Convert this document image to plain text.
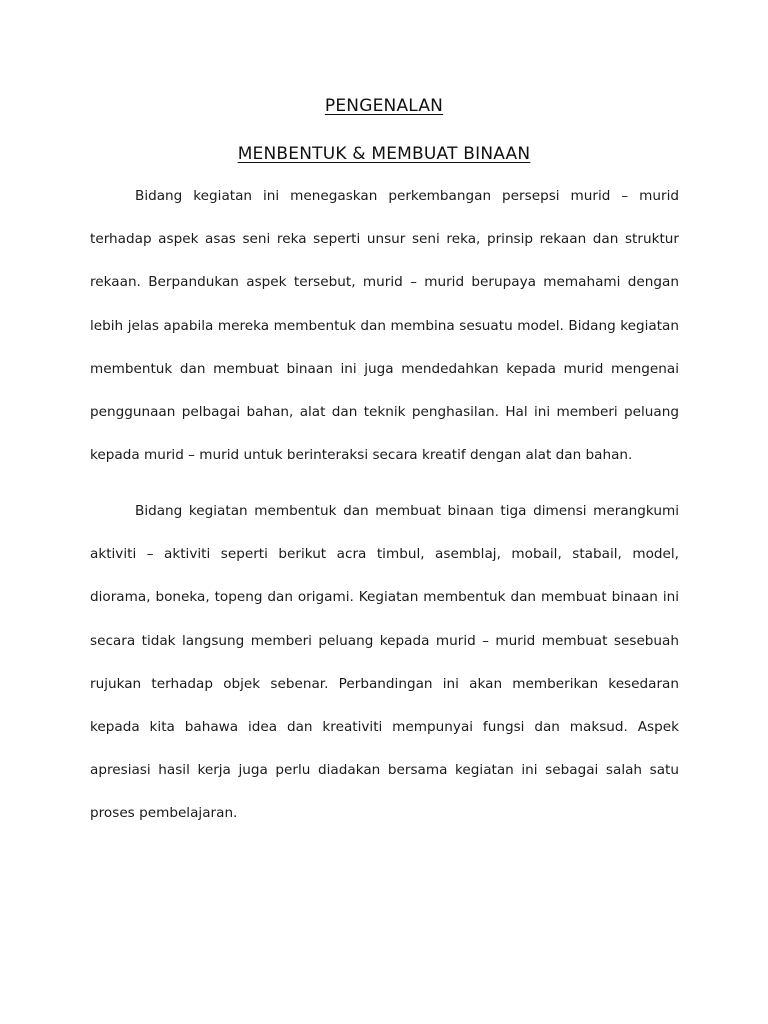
PENGENALAN
MENBENTUK & MEMBUAT BINAAN

Bidang kegiatan ini menegaskan perkembangan persepsi murid – murid terhadap aspek asas seni reka seperti unsur seni reka, prinsip rekaan dan struktur rekaan. Berpandukan aspek tersebut, murid – murid berupaya memahami dengan lebih jelas apabila mereka membentuk dan membina sesuatu model. Bidang kegiatan membentuk dan membuat binaan ini juga mendedahkan kepada murid mengenai penggunaan pelbagai bahan, alat dan teknik penghasilan. Hal ini memberi peluang kepada murid – murid untuk berinteraksi secara kreatif dengan alat dan bahan.

Bidang kegiatan membentuk dan membuat binaan tiga dimensi merangkumi aktiviti – aktiviti seperti berikut acra timbul, asemblaj, mobail, stabail, model, diorama, boneka, topeng dan origami. Kegiatan membentuk dan membuat binaan ini secara tidak langsung memberi peluang kepada murid – murid membuat sesebuah rujukan terhadap objek sebenar. Perbandingan ini akan memberikan kesedaran kepada kita bahawa idea dan kreativiti mempunyai fungsi dan maksud. Aspek apresiasi hasil kerja juga perlu diadakan bersama kegiatan ini sebagai salah satu proses pembelajaran.
